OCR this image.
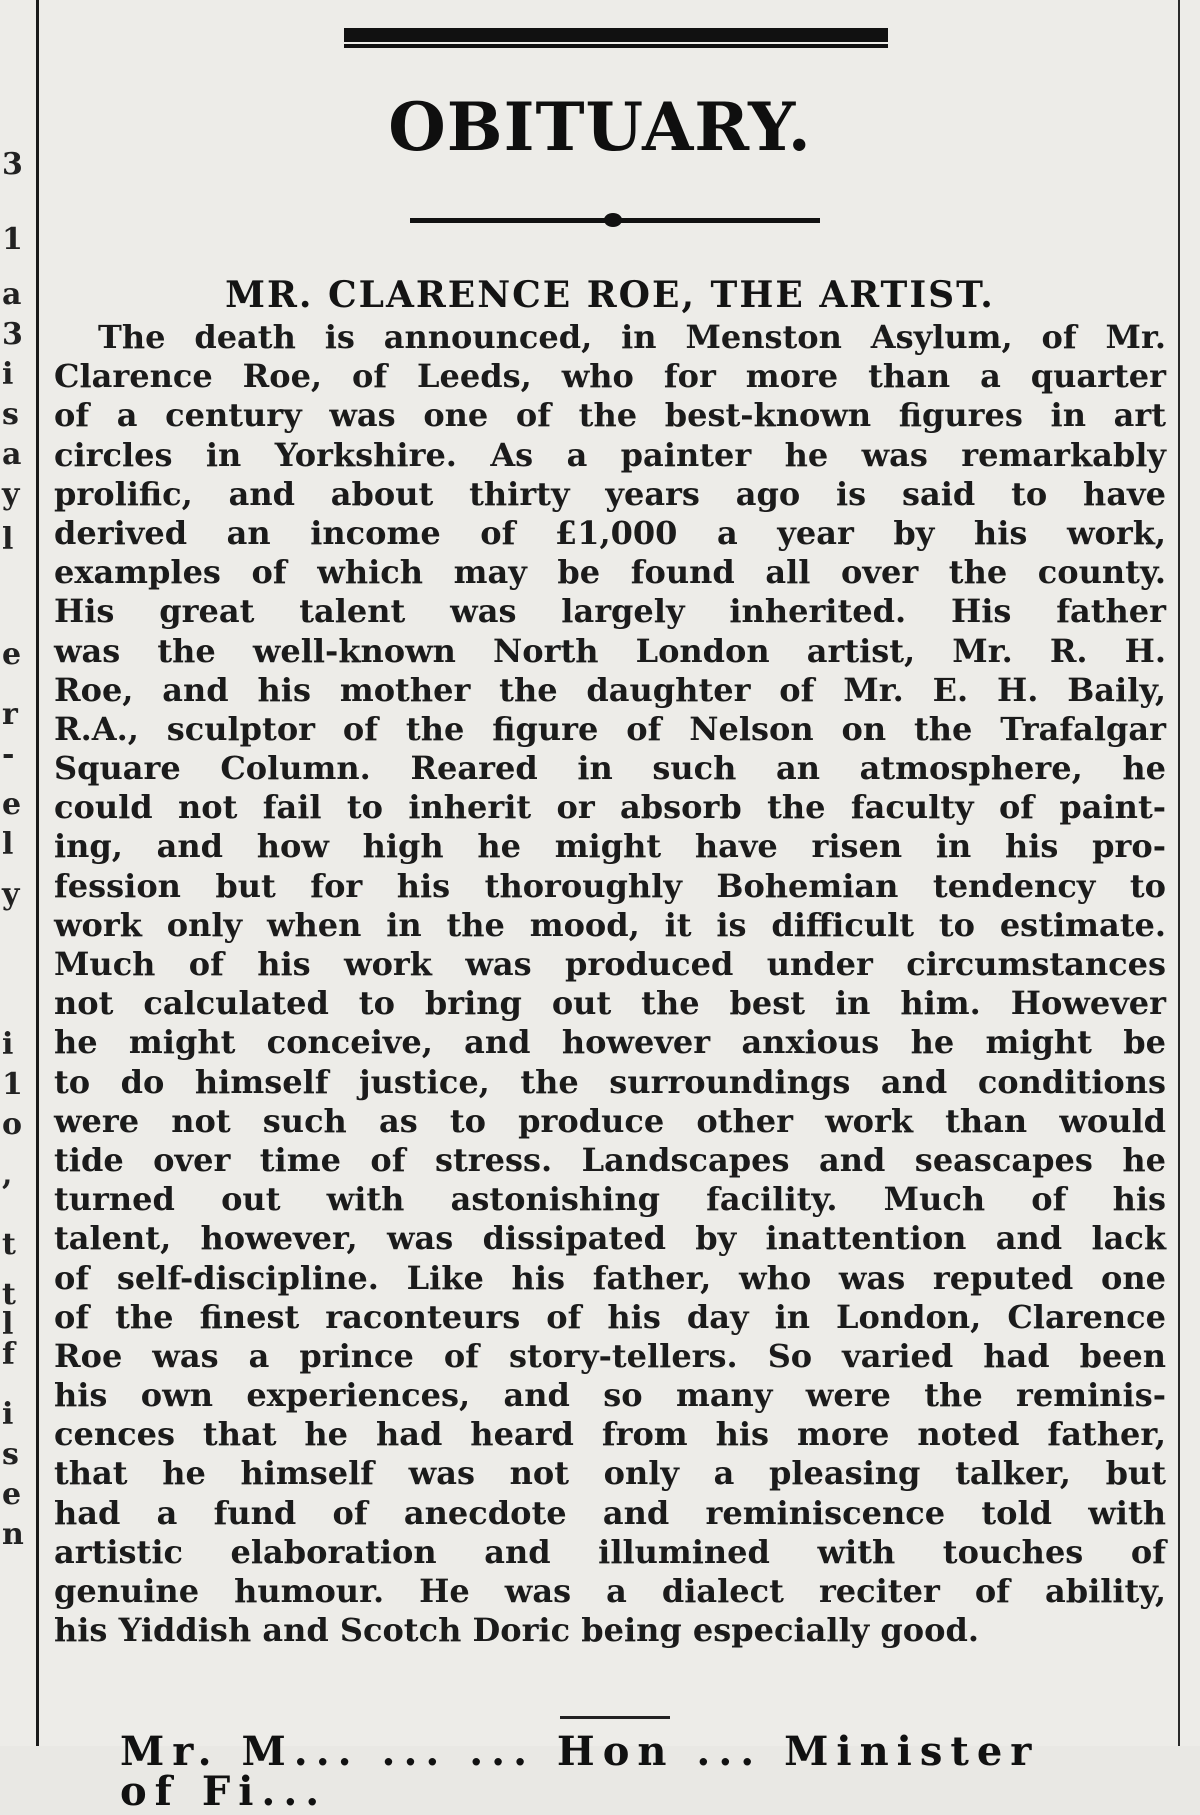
3
1
a
3
i
s
a
y
l
e
r
-
e
l
y
i
1
o
,
t
t
l
f
i
s
e
n
OBITUARY.
MR. CLARENCE ROE, THE ARTIST.
The death is announced, in Menston Asylum, of Mr.
Clarence Roe, of Leeds, who for more than a quarter
of a century was one of the best-known figures in art
circles in Yorkshire. As a painter he was remarkably
prolific, and about thirty years ago is said to have
derived an income of £1,000 a year by his work,
examples of which may be found all over the county.
His great talent was largely inherited. His father
was the well-known North London artist, Mr. R. H.
Roe, and his mother the daughter of Mr. E. H. Baily,
R.A., sculptor of the figure of Nelson on the Trafalgar
Square Column. Reared in such an atmosphere, he
could not fail to inherit or absorb the faculty of paint-
ing, and how high he might have risen in his pro-
fession but for his thoroughly Bohemian tendency to
work only when in the mood, it is difficult to estimate.
Much of his work was produced under circumstances
not calculated to bring out the best in him. However
he might conceive, and however anxious he might be
to do himself justice, the surroundings and conditions
were not such as to produce other work than would
tide over time of stress. Landscapes and seascapes he
turned out with astonishing facility. Much of his
talent, however, was dissipated by inattention and lack
of self-discipline. Like his father, who was reputed one
of the finest raconteurs of his day in London, Clarence
Roe was a prince of story-tellers. So varied had been
his own experiences, and so many were the reminis-
cences that he had heard from his more noted father,
that he himself was not only a pleasing talker, but
had a fund of anecdote and reminiscence told with
artistic elaboration and illumined with touches of
genuine humour. He was a dialect reciter of ability,
his Yiddish and Scotch Doric being especially good.
Mr. M... ... ... Hon ... Minister of Fi...
